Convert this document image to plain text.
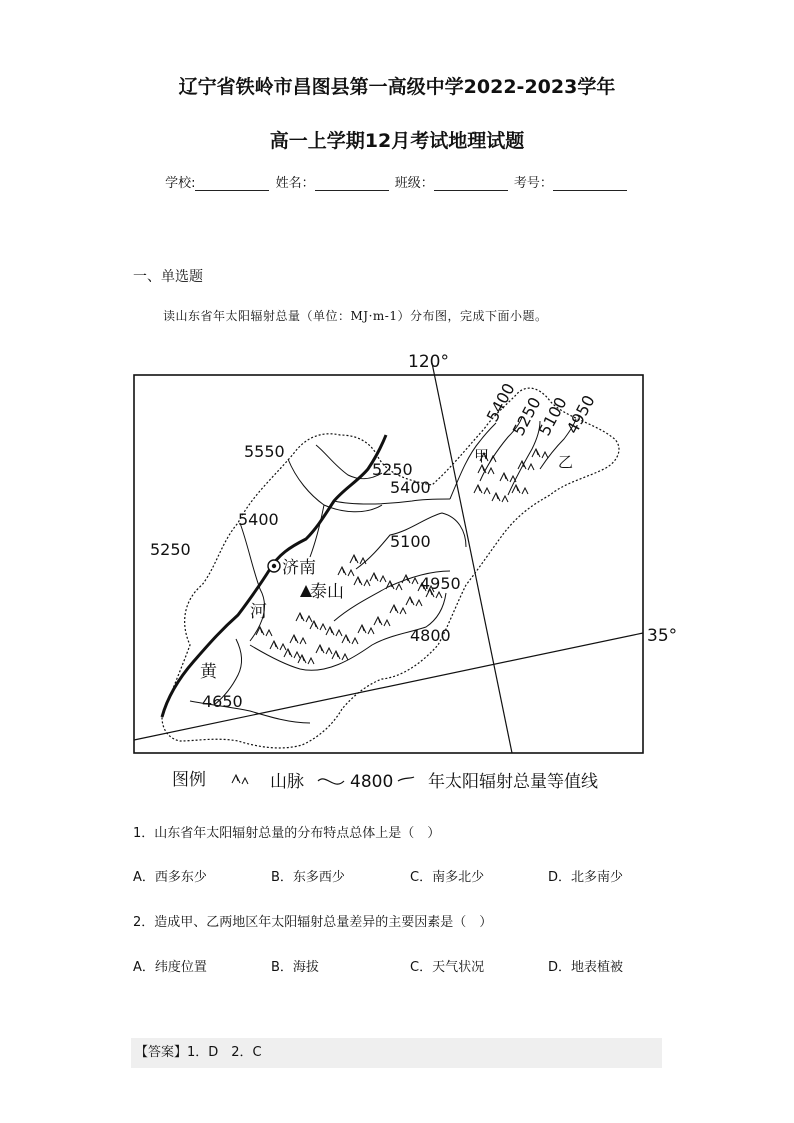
辽宁省铁岭市昌图县第一高级中学2022-2023学年
高一上学期12月考试地理试题
学校:	姓名：	班级：	考号：
一、单选题
读山东省年太阳辐射总量（单位：MJ·m-1）分布图，完成下面小题。
120°
35°
济南
泰山
河
黄
甲	乙
5550
5250
5400
5400
5250	5100
4950
4800
4650
5400
5250
5100
4950
图例	山脉	4800 年太阳辐射总量等值线
1．山东省年太阳辐射总量的分布特点总体上是（　）
A．西多东少	B．东多西少	C．南多北少	D．北多南少
2．造成甲、乙两地区年太阳辐射总量差异的主要因素是（　）
A．纬度位置	B．海拔	C．天气状况	D．地表植被
【答案】1．D　2．C
